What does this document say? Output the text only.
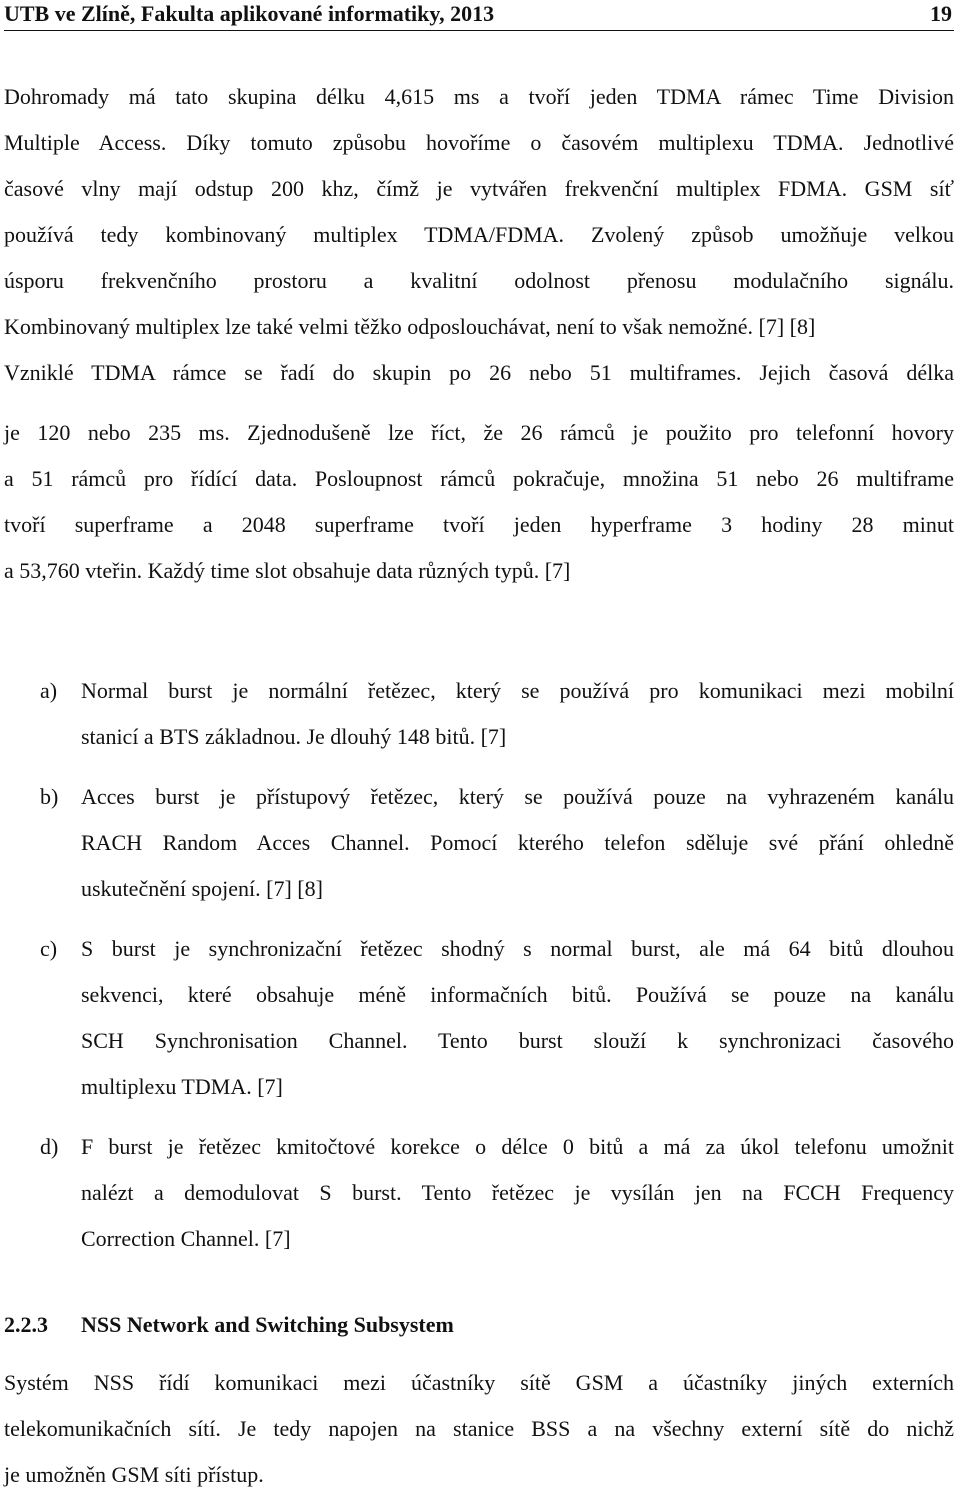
UTB ve Zlíně, Fakulta aplikované informatiky, 2013	19
Dohromady má tato skupina délku 4,615 ms a tvoří jeden TDMA rámec Time Division
Multiple Access. Díky tomuto způsobu hovoříme o časovém multiplexu TDMA. Jednotlivé
časové vlny mají odstup 200 khz, čímž je vytvářen frekvenční multiplex FDMA. GSM síť
používá tedy kombinovaný multiplex TDMA/FDMA. Zvolený způsob umožňuje velkou
úsporu frekvenčního prostoru a kvalitní odolnost přenosu modulačního signálu.
Kombinovaný multiplex lze také velmi těžko odposlouchávat, není to však nemožné. [7] [8]
Vzniklé TDMA rámce se řadí do skupin po 26 nebo 51 multiframes. Jejich časová délka
je 120 nebo 235 ms. Zjednodušeně lze říct, že 26 rámců je použito pro telefonní hovory
a 51 rámců pro řídící data. Posloupnost rámců pokračuje, množina 51 nebo 26 multiframe
tvoří superframe a 2048 superframe tvoří jeden hyperframe 3 hodiny 28 minut
a 53,760 vteřin. Každý time slot obsahuje data různých typů. [7]
a) Normal burst je normální řetězec, který se používá pro komunikaci mezi mobilní
stanicí a BTS základnou. Je dlouhý 148 bitů. [7]
b) Acces burst je přístupový řetězec, který se používá pouze na vyhrazeném kanálu
RACH Random Acces Channel. Pomocí kterého telefon sděluje své přání ohledně
uskutečnění spojení. [7] [8]
c) S burst je synchronizační řetězec shodný s normal burst, ale má 64 bitů dlouhou
sekvenci, které obsahuje méně informačních bitů. Používá se pouze na kanálu
SCH Synchronisation Channel. Tento burst slouží k synchronizaci časového
multiplexu TDMA. [7]
d) F burst je řetězec kmitočtové korekce o délce 0 bitů a má za úkol telefonu umožnit
nalézt a demodulovat S burst. Tento řetězec je vysílán jen na FCCH Frequency
Correction Channel. [7]
2.2.3 NSS Network and Switching Subsystem
Systém NSS řídí komunikaci mezi účastníky sítě GSM a účastníky jiných externích
telekomunikačních sítí. Je tedy napojen na stanice BSS a na všechny externí sítě do nichž
je umožněn GSM síti přístup.
